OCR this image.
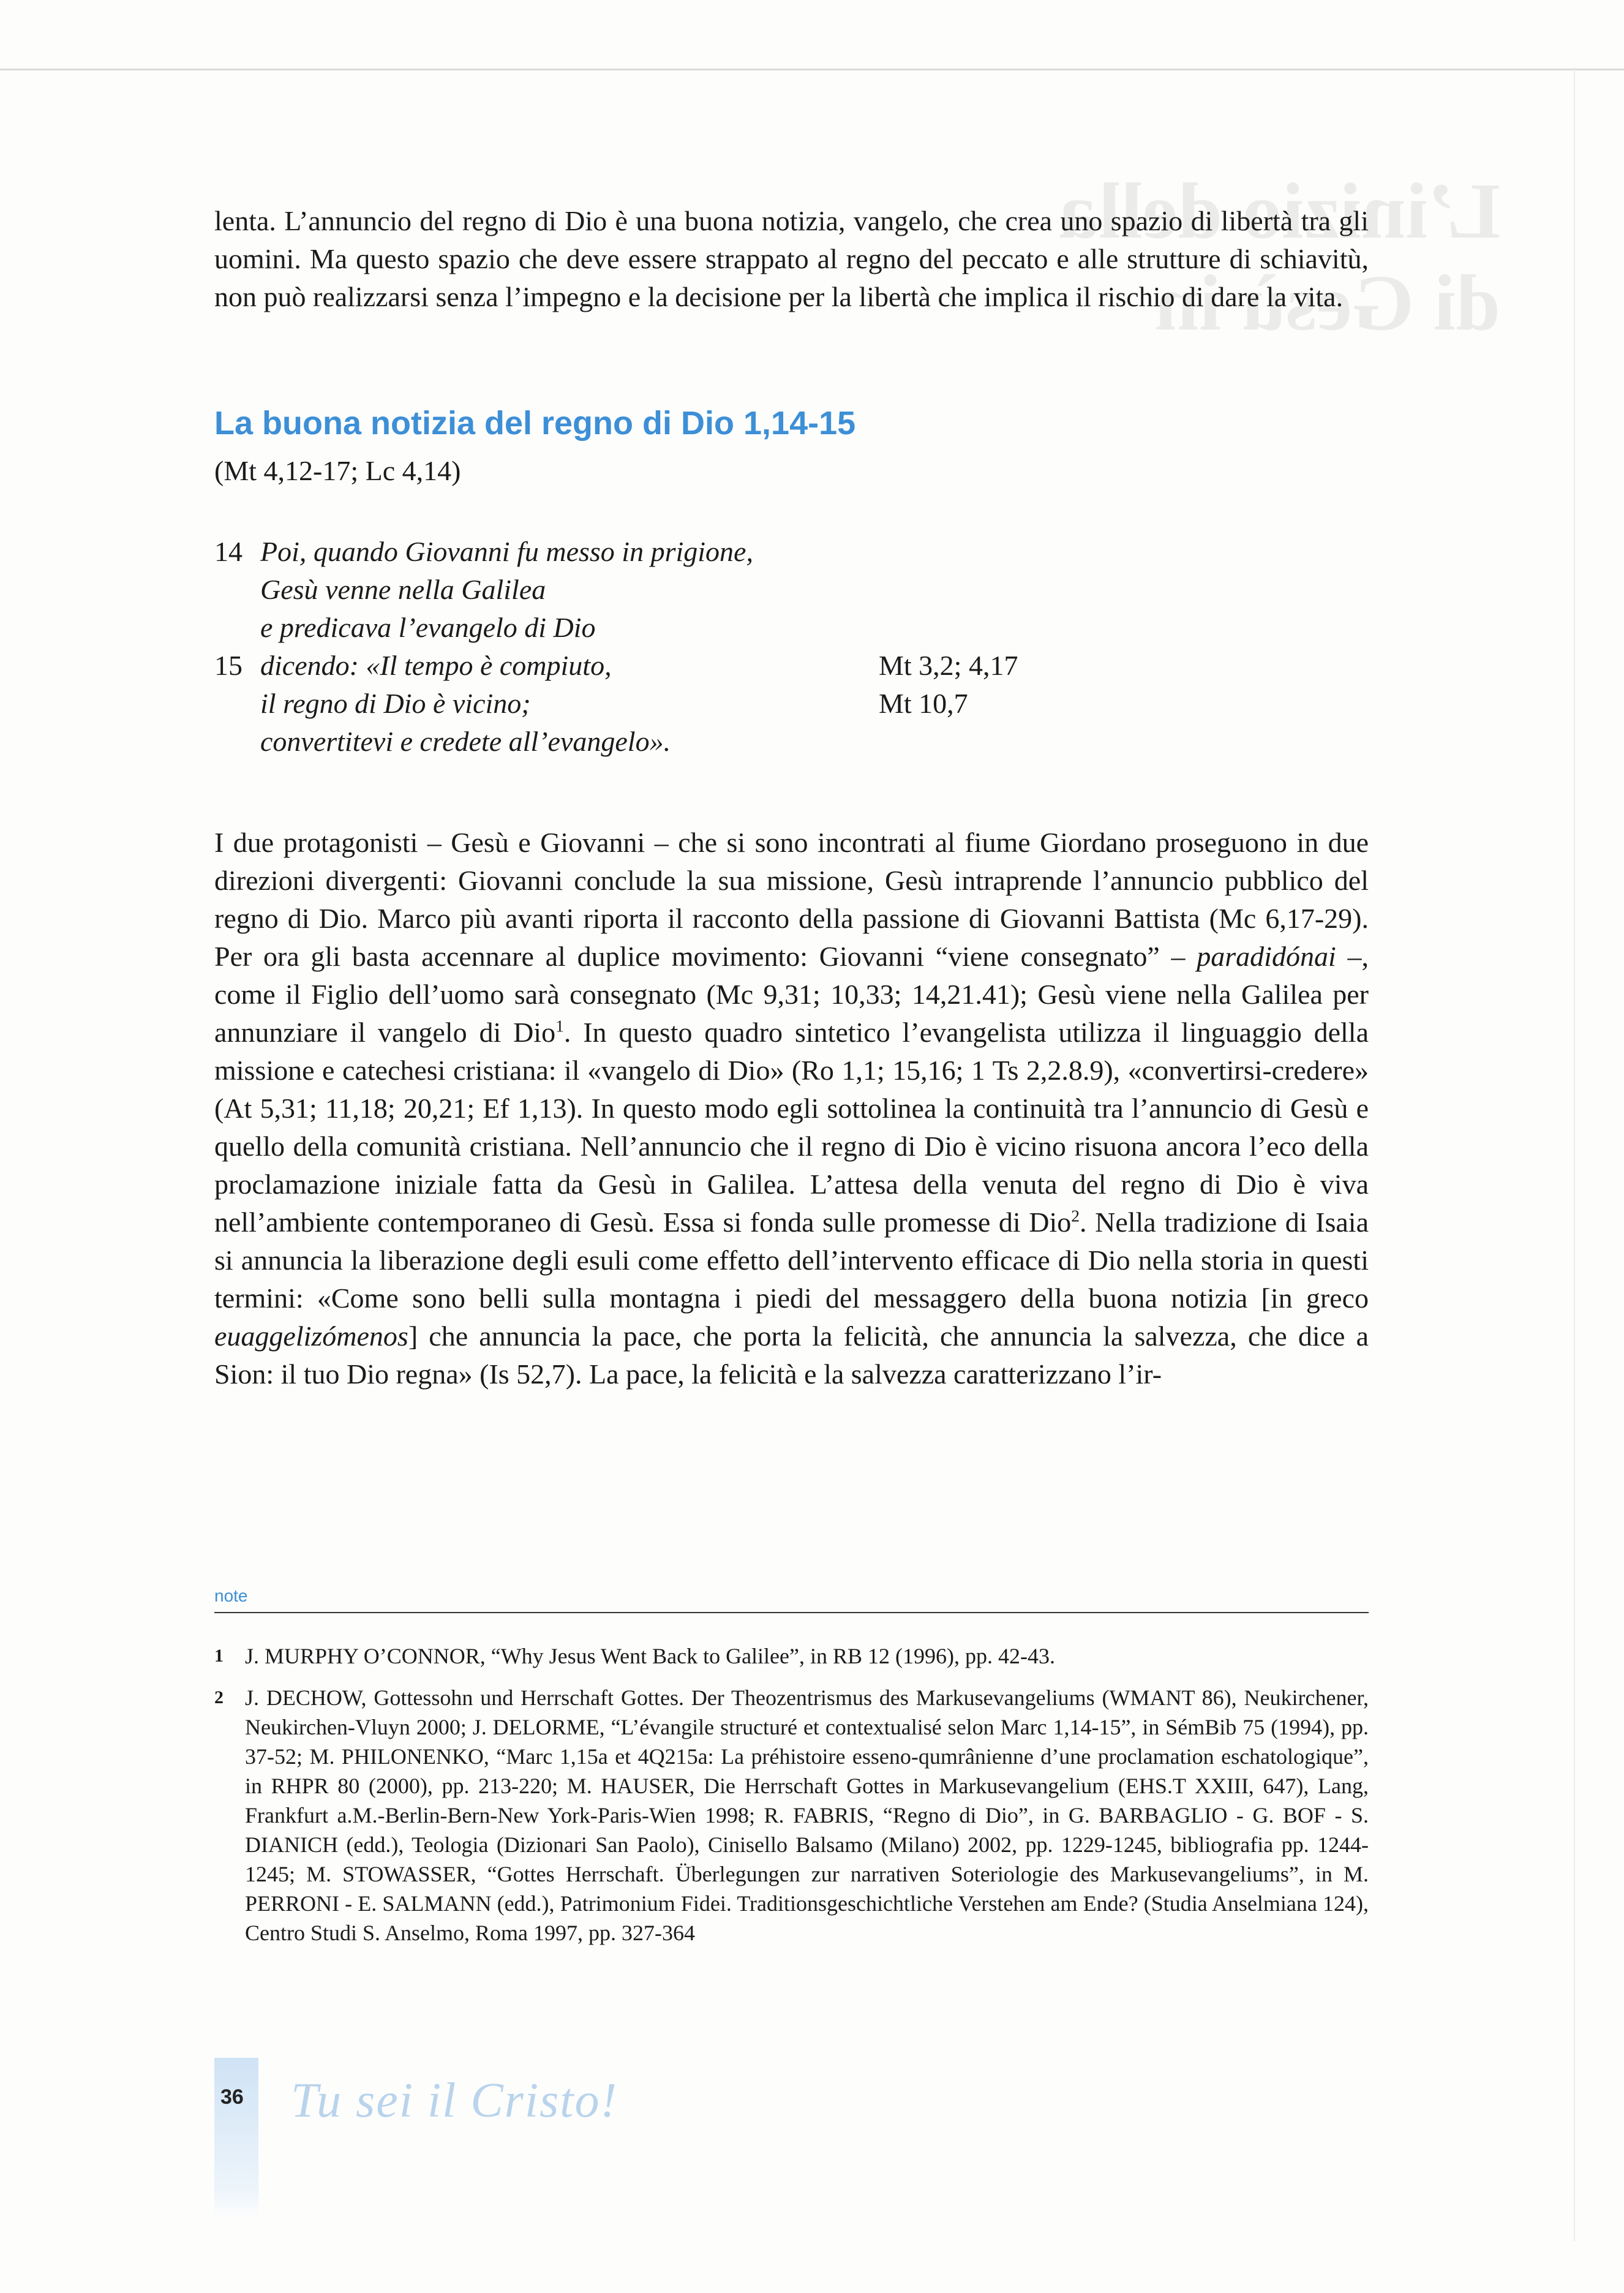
L’inizio della
di Gesù in
lenta. L’annuncio del regno di Dio è una buona notizia, vangelo, che crea uno spazio di libertà tra gli uomini. Ma questo spazio che deve essere strappato al regno del peccato e alle strutture di schiavitù, non può realizzarsi senza l’impegno e la decisione per la libertà che implica il rischio di dare la vita.
La buona notizia del regno di Dio 1,14-15
(Mt 4,12-17; Lc 4,14)
14 Poi, quando Giovanni fu messo in prigione,
Gesù venne nella Galilea
e predicava l’evangelo di Dio
15 dicendo: «Il tempo è compiuto,	Mt 3,2; 4,17
il regno di Dio è vicino;	Mt 10,7
convertitevi e credete all’evangelo».

I due protagonisti – Gesù e Giovanni – che si sono incontrati al fiume Giordano proseguono in due direzioni divergenti: Giovanni conclude la sua missione, Gesù intraprende l’annuncio pubblico del regno di Dio. Marco più avanti riporta il racconto della passione di Giovanni Battista (Mc 6,17-29). Per ora gli basta accennare al duplice movimento: Giovanni “viene consegnato” – paradidónai –, come il Figlio dell’uomo sarà consegnato (Mc 9,31; 10,33; 14,21.41); Gesù viene nella Galilea per annunziare il vangelo di Dio$^1$. In questo quadro sintetico l’evangelista utilizza il linguaggio della missione e catechesi cristiana: il «vangelo di Dio» (Ro 1,1; 15,16; 1 Ts 2,2.8.9), «convertirsi-credere» (At 5,31; 11,18; 20,21; Ef 1,13). In questo modo egli sottolinea la continuità tra l’annuncio di Gesù e quello della comunità cristiana. Nell’annuncio che il regno di Dio è vicino risuona ancora l’eco della proclamazione iniziale fatta da Gesù in Galilea. L’attesa della venuta del regno di Dio è viva nell’ambiente contemporaneo di Gesù. Essa si fonda sulle promesse di Dio$^2$. Nella tradizione di Isaia si annuncia la liberazione degli esuli come effetto dell’intervento efficace di Dio nella storia in questi termini: «Come sono belli sulla montagna i piedi del messaggero della buona notizia [in greco euaggelizómenos] che annuncia la pace, che porta la felicità, che annuncia la salvezza, che dice a Sion: il tuo Dio regna» (Is 52,7). La pace, la felicità e la salvezza caratterizzano l’ir-

note
1 J. MURPHY O’CONNOR, “Why Jesus Went Back to Galilee”, in RB 12 (1996), pp. 42-43.
2 J. DECHOW, Gottessohn und Herrschaft Gottes. Der Theozentrismus des Markusevangeliums (WMANT 86), Neukirchener, Neukirchen-Vluyn 2000; J. DELORME, “L’évangile structuré et contextualisé selon Marc 1,14-15”, in SémBib 75 (1994), pp. 37-52; M. PHILONENKO, “Marc 1,15a et 4Q215a: La préhistoire esseno-qumrânienne d’une proclamation eschatologique”, in RHPR 80 (2000), pp. 213-220; M. HAUSER, Die Herrschaft Gottes in Markusevangelium (EHS.T XXIII, 647), Lang, Frankfurt a.M.-Berlin-Bern-New York-Paris-Wien 1998; R. FABRIS, “Regno di Dio”, in G. BARBAGLIO - G. BOF - S. DIANICH (edd.), Teologia (Dizionari San Paolo), Cinisello Balsamo (Milano) 2002, pp. 1229-1245, bibliografia pp. 1244-1245; M. STOWASSER, “Gottes Herrschaft. Überlegungen zur narrativen Soteriologie des Markusevangeliums”, in M. PERRONI - E. SALMANN (edd.), Patrimonium Fidei. Traditionsgeschichtliche Verstehen am Ende? (Studia Anselmiana 124), Centro Studi S. Anselmo, Roma 1997, pp. 327-364
36 Tu sei il Cristo!
